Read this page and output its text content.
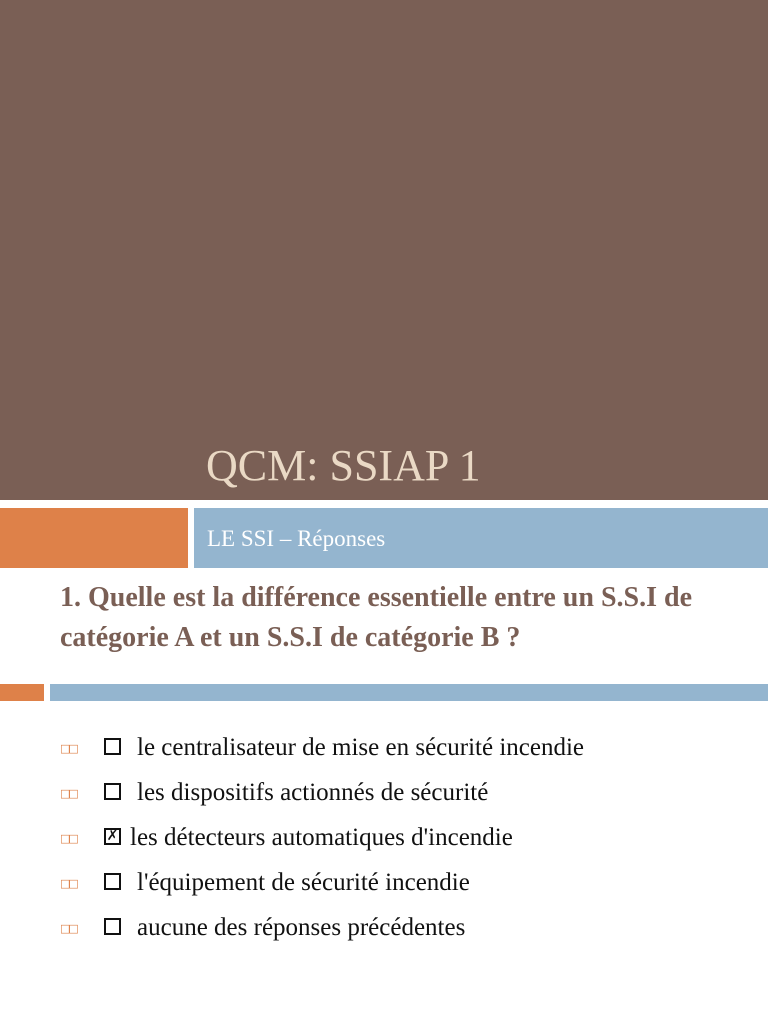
QCM: SSIAP 1
LE SSI – Réponses

1. Quelle est la différence essentielle entre un S.S.I de catégorie A et un S.S.I de catégorie B ?

□□ le centralisateur de mise en sécurité incendie
□□ les dispositifs actionnés de sécurité
□□ ✗ les détecteurs automatiques d'incendie
□□ l'équipement de sécurité incendie
□□ aucune des réponses précédentes
